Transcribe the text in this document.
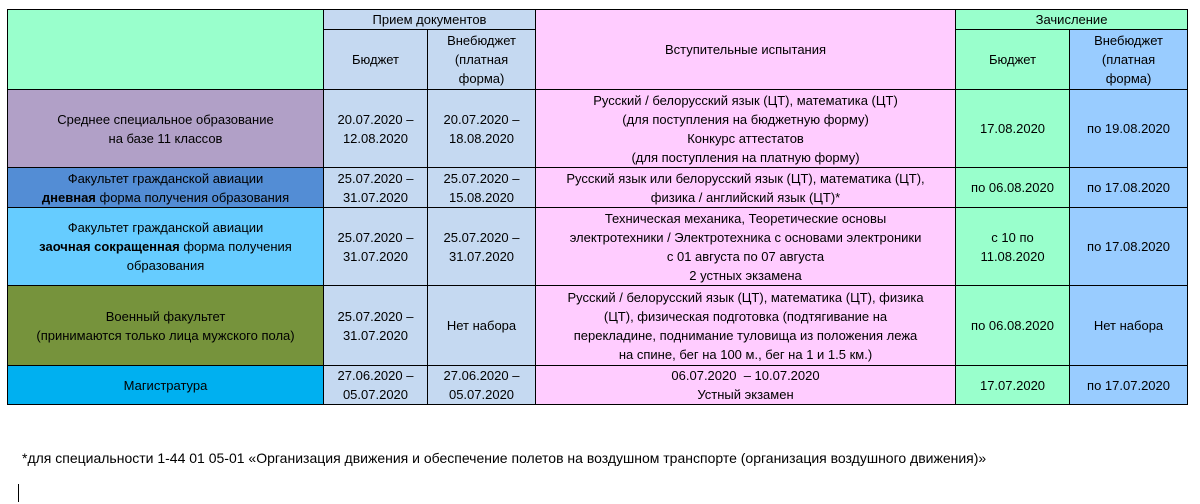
	Прием документов		Вступительные испытания	Зачисление	
	Бюджет	Внебюджет
(платная
форма)		Бюджет	Внебюджет
(платная
форма)

Среднее специальное образование
на базе 11 классов	20.07.2020 –
12.08.2020	20.07.2020 –
18.08.2020	Русский / белорусский язык (ЦТ), математика (ЦТ)
(для поступления на бюджетную форму)
Конкурс аттестатов
(для поступления на платную форму)	17.08.2020	по 19.08.2020

Факультет гражданской авиации
дневная форма получения образования	25.07.2020 –
31.07.2020	25.07.2020 –
15.08.2020	Русский язык или белорусский язык (ЦТ), математика (ЦТ),
физика / английский язык (ЦТ)*	по 06.08.2020	по 17.08.2020

Факультет гражданской авиации
заочная сокращенная форма получения
образования	25.07.2020 –
31.07.2020	25.07.2020 –
31.07.2020	Техническая механика, Теоретические основы
электротехники / Электротехника с основами электроники
с 01 августа по 07 августа
2 устных экзамена	с 10 по
11.08.2020	по 17.08.2020

Военный факультет
(принимаются только лица мужского пола)	25.07.2020 –
31.07.2020	Нет набора	Русский / белорусский язык (ЦТ), математика (ЦТ), физика
(ЦТ), физическая подготовка (подтягивание на
перекладине, поднимание туловища из положения лежа
на спине, бег на 100 м., бег на 1 и 1.5 км.)	по 06.08.2020	Нет набора
Магистратура	27.06.2020 –
05.07.2020	27.06.2020 –
05.07.2020	06.07.2020  – 10.07.2020
Устный экзамен	17.07.2020	по 17.07.2020
*для специальности 1-44 01 05-01 «Организация движения и обеспечение полетов на воздушном транспорте (организация воздушного движения)»
